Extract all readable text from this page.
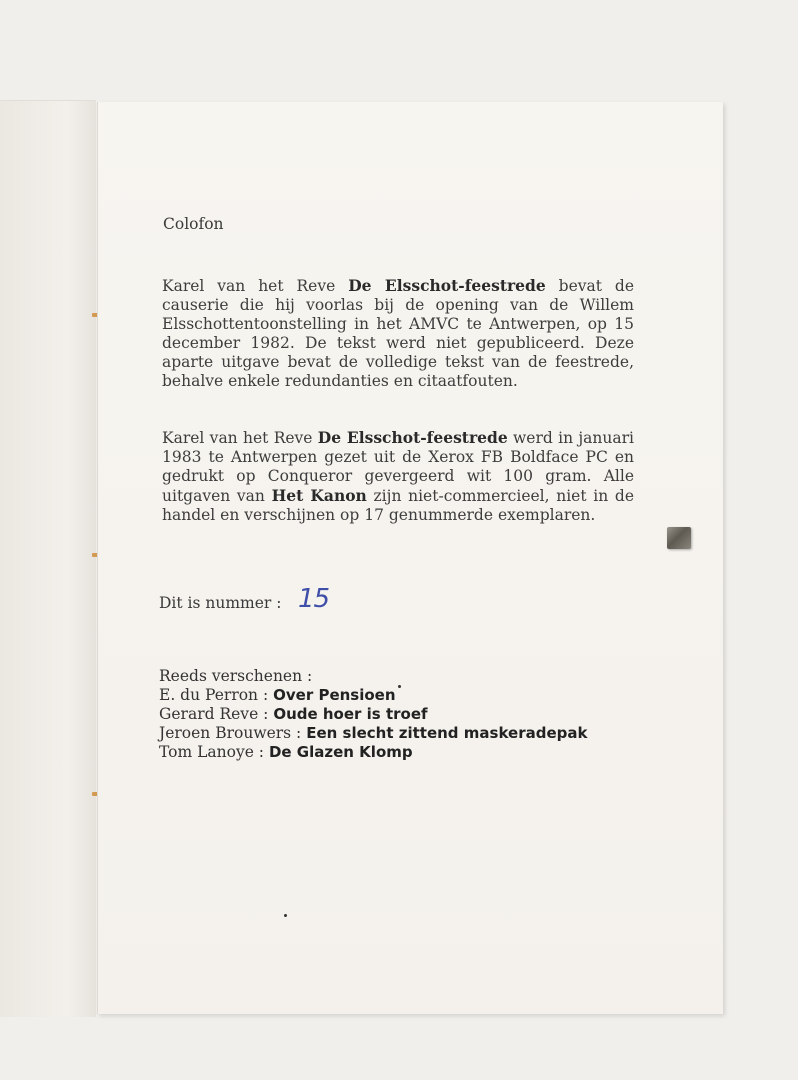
Colofon
Karel van het Reve De Elsschot-feestrede bevat de causerie die hij voorlas bij de opening van de Willem Elsschottentoonstelling in het AMVC te Antwerpen, op 15 december 1982. De tekst werd niet gepubliceerd. Deze aparte uitgave bevat de volledige tekst van de feestrede, behalve enkele redundanties en citaatfouten.
Karel van het Reve De Elsschot-feestrede werd in januari 1983 te Antwerpen gezet uit de Xerox FB Boldface PC en gedrukt op Conqueror gevergeerd wit 100 gram. Alle uitgaven van Het Kanon zijn niet-commercieel, niet in de handel en verschijnen op 17 genummerde exemplaren.
Dit is nummer : 15
Reeds verschenen :
E. du Perron : Over Pensioen
Gerard Reve : Oude hoer is troef
Jeroen Brouwers : Een slecht zittend maskeradepak
Tom Lanoye : De Glazen Klomp
